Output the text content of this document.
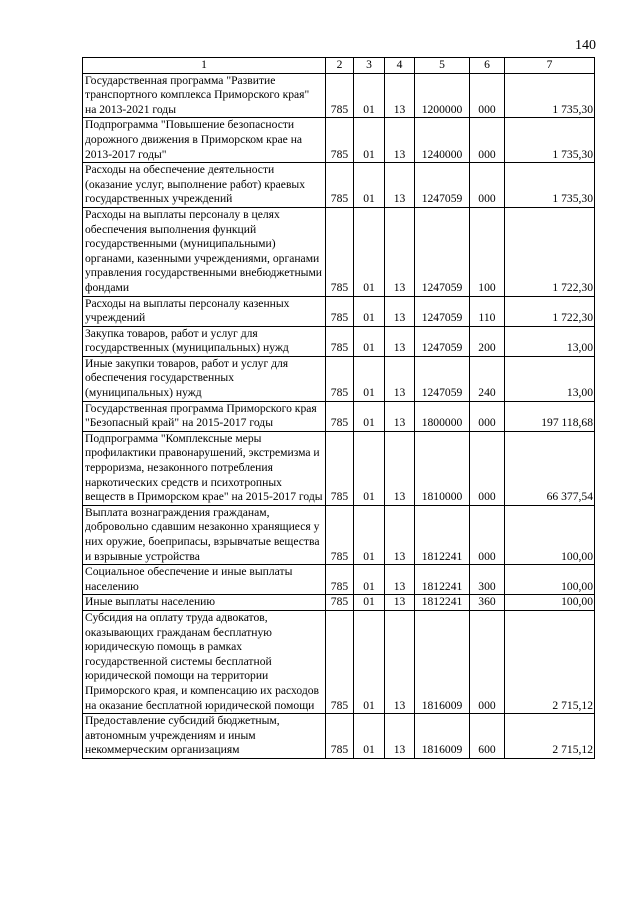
140
1	2	3	4	5	6	7
Государственная программа "Развитие транспортного комплекса Приморского края" на 2013-2021 годы	785	01	13	1200000	000	1 735,30
Подпрограмма "Повышение безопасности дорожного движения в Приморском крае на 2013-2017 годы"	785	01	13	1240000	000	1 735,30
Расходы на обеспечение деятельности (оказание услуг, выполнение работ) краевых государственных учреждений	785	01	13	1247059	000	1 735,30
Расходы на выплаты персоналу в целях обеспечения выполнения функций государственными (муниципальными) органами, казенными учреждениями, органами управления государственными внебюджетными фондами	785	01	13	1247059	100	1 722,30
Расходы на выплаты персоналу казенных учреждений	785	01	13	1247059	110	1 722,30
Закупка товаров, работ и услуг для государственных (муниципальных) нужд	785	01	13	1247059	200	13,00
Иные закупки товаров, работ и услуг для обеспечения государственных (муниципальных) нужд	785	01	13	1247059	240	13,00
Государственная программа Приморского края "Безопасный край" на 2015-2017 годы	785	01	13	1800000	000	197 118,68
Подпрограмма "Комплексные меры профилактики правонарушений, экстремизма и терроризма, незаконного потребления наркотических средств и психотропных веществ в Приморском крае" на 2015-2017 годы	785	01	13	1810000	000	66 377,54
Выплата вознаграждения гражданам, добровольно сдавшим незаконно хранящиеся у них оружие, боеприпасы, взрывчатые вещества и взрывные устройства	785	01	13	1812241	000	100,00
Социальное обеспечение и иные выплаты населению	785	01	13	1812241	300	100,00
Иные выплаты населению	785	01	13	1812241	360	100,00
Субсидия на оплату труда адвокатов, оказывающих гражданам бесплатную юридическую помощь в рамках государственной системы бесплатной юридической помощи на территории Приморского края, и компенсацию их расходов на оказание бесплатной юридической помощи	785	01	13	1816009	000	2 715,12
Предоставление субсидий бюджетным, автономным учреждениям и иным некоммерческим организациям	785	01	13	1816009	600	2 715,12
